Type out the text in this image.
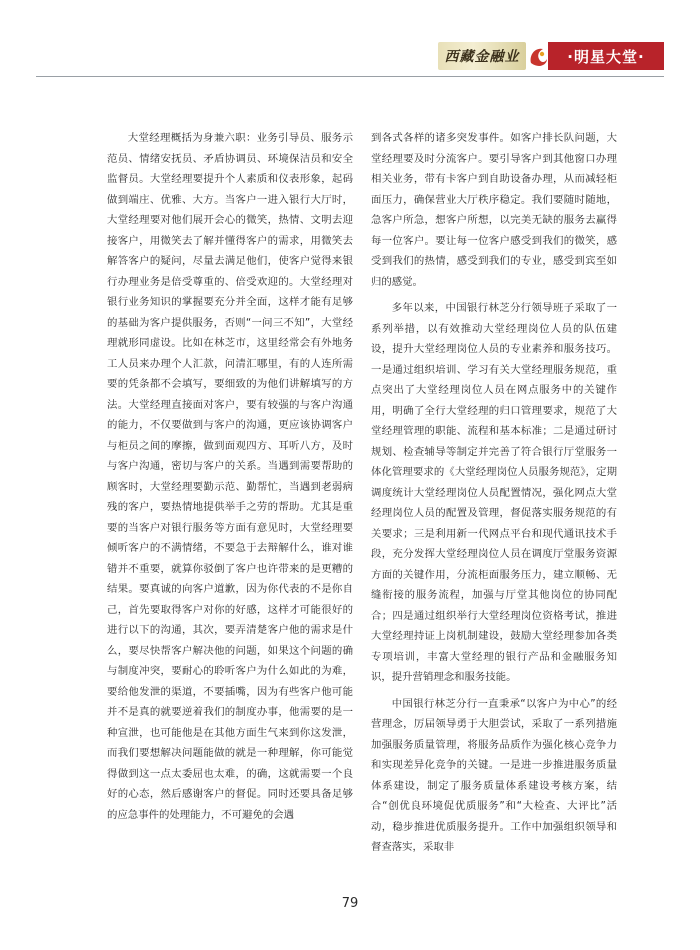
西藏金融业	·明星大堂·

大堂经理概括为身兼六职：业务引导员、服务示范员、情绪安抚员、矛盾协调员、环境保洁员和安全监督员。大堂经理要提升个人素质和仪表形象，起码做到端庄、优雅、大方。当客户一进入银行大厅时，大堂经理要对他们展开会心的微笑，热情、文明去迎接客户，用微笑去了解并懂得客户的需求，用微笑去解答客户的疑问，尽量去满足他们，使客户觉得来银行办理业务是倍受尊重的、倍受欢迎的。大堂经理对银行业务知识的掌握要充分并全面，这样才能有足够的基础为客户提供服务，否则“一问三不知”，大堂经理就形同虚设。比如在林芝市，这里经常会有外地务工人员来办理个人汇款，问清汇哪里，有的人连所需要的凭条都不会填写，要细致的为他们讲解填写的方法。大堂经理直接面对客户，要有较强的与客户沟通的能力，不仅要做到与客户的沟通，更应该协调客户与柜员之间的摩擦，做到面观四方、耳听八方，及时与客户沟通，密切与客户的关系。当遇到需要帮助的顾客时，大堂经理要勤示范、勤帮忙，当遇到老弱病残的客户，要热情地提供举手之劳的帮助。尤其是重要的当客户对银行服务等方面有意见时，大堂经理要倾听客户的不满情绪，不要急于去辩解什么，谁对谁错并不重要，就算你驳倒了客户也许带来的是更糟的结果。要真诚的向客户道歉，因为你代表的不是你自己，首先要取得客户对你的好感，这样才可能很好的进行以下的沟通，其次，要弄清楚客户他的需求是什么，要尽快帮客户解决他的问题，如果这个问题的确与制度冲突，要耐心的聆听客户为什么如此的为难，要给他发泄的渠道，不要插嘴，因为有些客户他可能并不是真的就要逆着我们的制度办事，他需要的是一种宣泄，也可能他是在其他方面生气来到你这发泄，而我们要想解决问题能做的就是一种理解，你可能觉得做到这一点太委屈也太难，的确，这就需要一个良好的心态，然后感谢客户的督促。同时还要具备足够的应急事件的处理能力，不可避免的会遇

到各式各样的诸多突发事件。如客户排长队问题，大堂经理要及时分流客户。要引导客户到其他窗口办理相关业务，带有卡客户到自助设备办理，从而减轻柜面压力，确保营业大厅秩序稳定。我们要随时随地，急客户所急，想客户所想，以完美无缺的服务去赢得每一位客户。要让每一位客户感受到我们的微笑，感受到我们的热情，感受到我们的专业，感受到宾至如归的感觉。

多年以来，中国银行林芝分行领导班子采取了一系列举措，以有效推动大堂经理岗位人员的队伍建设，提升大堂经理岗位人员的专业素养和服务技巧。一是通过组织培训、学习有关大堂经理服务规范，重点突出了大堂经理岗位人员在网点服务中的关键作用，明确了全行大堂经理的归口管理要求，规范了大堂经理管理的职能、流程和基本标准；二是通过研讨规划、检查辅导等制定并完善了符合银行厅堂服务一体化管理要求的《大堂经理岗位人员服务规范》，定期调度统计大堂经理岗位人员配置情况，强化网点大堂经理岗位人员的配置及管理，督促落实服务规范的有关要求；三是利用新一代网点平台和现代通讯技术手段，充分发挥大堂经理岗位人员在调度厅堂服务资源方面的关键作用，分流柜面服务压力，建立顺畅、无缝衔接的服务流程，加强与厅堂其他岗位的协同配合；四是通过组织举行大堂经理岗位资格考试，推进大堂经理持证上岗机制建设，鼓励大堂经理参加各类专项培训，丰富大堂经理的银行产品和金融服务知识，提升营销理念和服务技能。

中国银行林芝分行一直秉承“以客户为中心”的经营理念，厉届领导勇于大胆尝试，采取了一系列措施加强服务质量管理，将服务品质作为强化核心竞争力和实现差异化竞争的关键。一是进一步推进服务质量体系建设，制定了服务质量体系建设考核方案，结合“创优良环境促优质服务”和“大检查、大评比”活动，稳步推进优质服务提升。工作中加强组织领导和督查落实，采取非

79
